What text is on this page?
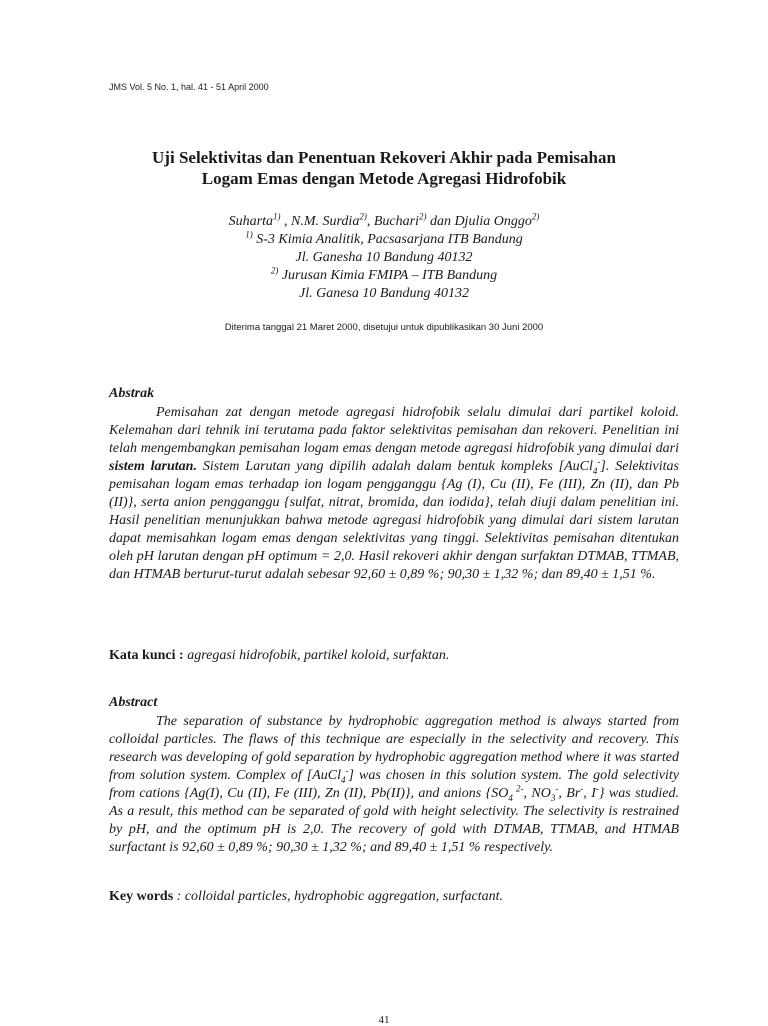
JMS Vol. 5 No. 1, hal. 41 - 51 April 2000
Uji Selektivitas dan Penentuan Rekoveri Akhir pada Pemisahan
Logam Emas dengan Metode Agregasi Hidrofobik
Suharta$^{1)}$ , N.M. Surdia$^{2)}$, Buchari$^{2)}$ dan Djulia Onggo$^{2)}$
$^{1)}$ S-3 Kimia Analitik, Pacsasarjana ITB Bandung
Jl. Ganesha 10 Bandung 40132
$^{2)}$ Jurusan Kimia FMIPA – ITB Bandung
Jl. Ganesa 10 Bandung 40132
Diterima tanggal 21 Maret 2000, disetujui untuk dipublikasikan 30 Juni 2000
Abstrak

Pemisahan zat dengan metode agregasi hidrofobik selalu dimulai dari partikel koloid. Kelemahan dari tehnik ini terutama pada faktor selektivitas pemisahan dan rekoveri. Penelitian ini telah mengembangkan pemisahan logam emas dengan metode agregasi hidrofobik yang dimulai dari sistem larutan. Sistem Larutan yang dipilih adalah dalam bentuk kompleks [AuCl$_4$-]. Selektivitas pemisahan logam emas terhadap ion logam pengganggu {Ag (I), Cu (II), Fe (III), Zn (II), dan Pb (II)}, serta anion pengganggu {sulfat, nitrat, bromida, dan iodida}, telah diuji dalam penelitian ini. Hasil penelitian menunjukkan bahwa metode agregasi hidrofobik yang dimulai dari sistem larutan dapat memisahkan logam emas dengan selektivitas yang tinggi. Selektivitas pemisahan ditentukan oleh pH larutan dengan pH optimum = 2,0. Hasil rekoveri akhir dengan surfaktan DTMAB, TTMAB, dan HTMAB berturut-turut adalah sebesar 92,60 ± 0,89 %; 90,30 ± 1,32 %; dan 89,40 ± 1,51 %.

Kata kunci : agregasi hidrofobik, partikel koloid, surfaktan.
Abstract

The separation of substance by hydrophobic aggregation method is always started from colloidal particles. The flaws of this technique are especially in the selectivity and recovery. This research was developing of gold separation by hydrophobic aggregation method where it was started from solution system. Complex of [AuCl$_4$-] was chosen in this solution system. The gold selectivity from cations {Ag(I), Cu (II), Fe (III), Zn (II), Pb(II)}, and anions {$SO_4$ $^{2-}$, $NO_3^-$, Br-, I-} was studied. As a result, this method can be separated of gold with height selectivity. The selectivity is restrained by pH, and the optimum pH is 2,0. The recovery of gold with DTMAB, TTMAB, and HTMAB surfactant is 92,60 ± 0,89 %; 90,30 ± 1,32 %; and 89,40 ± 1,51 % respectively.

Key words : colloidal particles, hydrophobic aggregation, surfactant.
41
